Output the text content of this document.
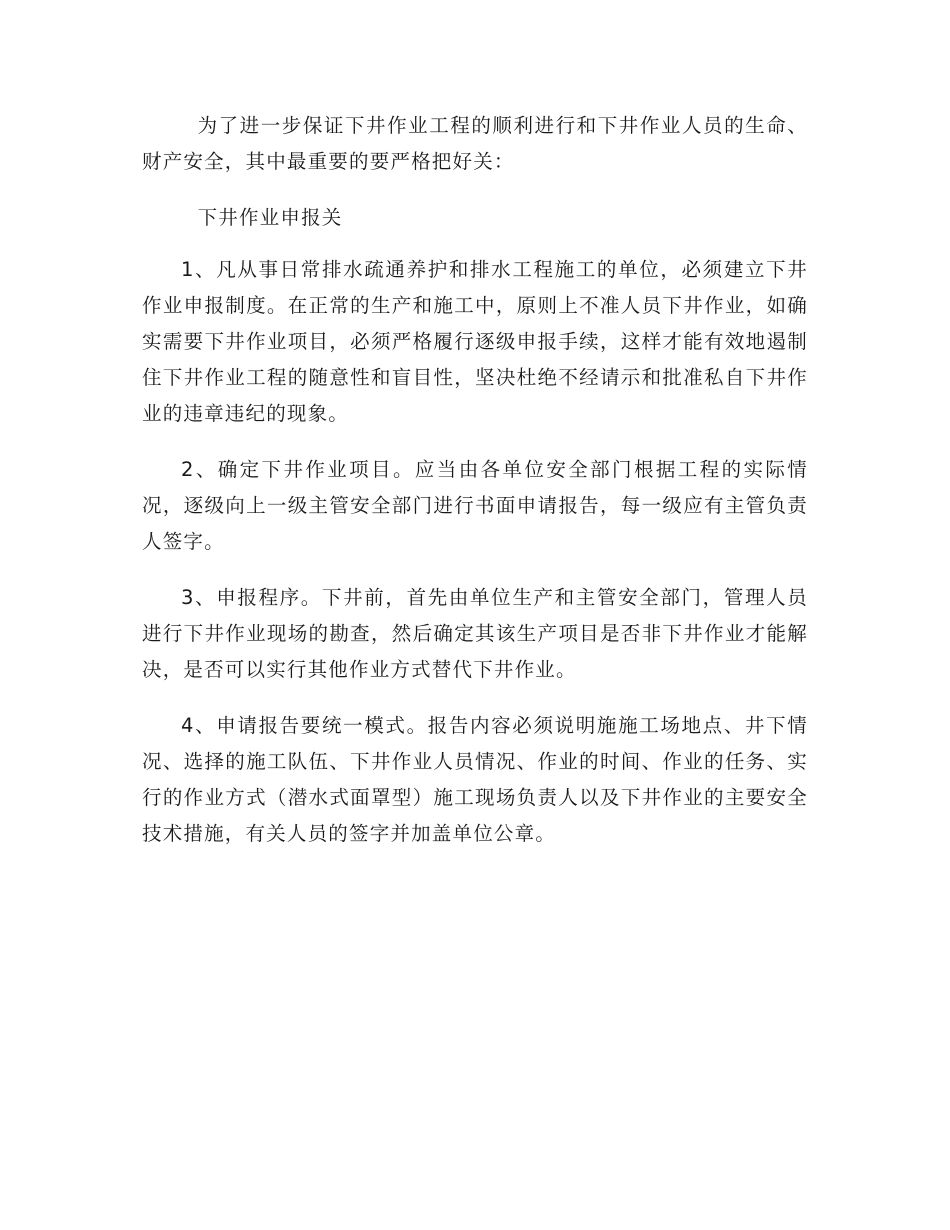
为了进一步保证下井作业工程的顺利进行和下井作业人员的生命、财产安全，其中最重要的要严格把好关：

下井作业申报关

1、凡从事日常排水疏通养护和排水工程施工的单位，必须建立下井作业申报制度。在正常的生产和施工中，原则上不准人员下井作业，如确实需要下井作业项目，必须严格履行逐级申报手续，这样才能有效地遏制住下井作业工程的随意性和盲目性，坚决杜绝不经请示和批准私自下井作业的违章违纪的现象。

2、确定下井作业项目。应当由各单位安全部门根据工程的实际情况，逐级向上一级主管安全部门进行书面申请报告，每一级应有主管负责人签字。

3、申报程序。下井前，首先由单位生产和主管安全部门，管理人员进行下井作业现场的勘查，然后确定其该生产项目是否非下井作业才能解决，是否可以实行其他作业方式替代下井作业。

4、申请报告要统一模式。报告内容必须说明施施工场地点、井下情况、选择的施工队伍、下井作业人员情况、作业的时间、作业的任务、实行的作业方式（潜水式面罩型）施工现场负责人以及下井作业的主要安全技术措施，有关人员的签字并加盖单位公章。
